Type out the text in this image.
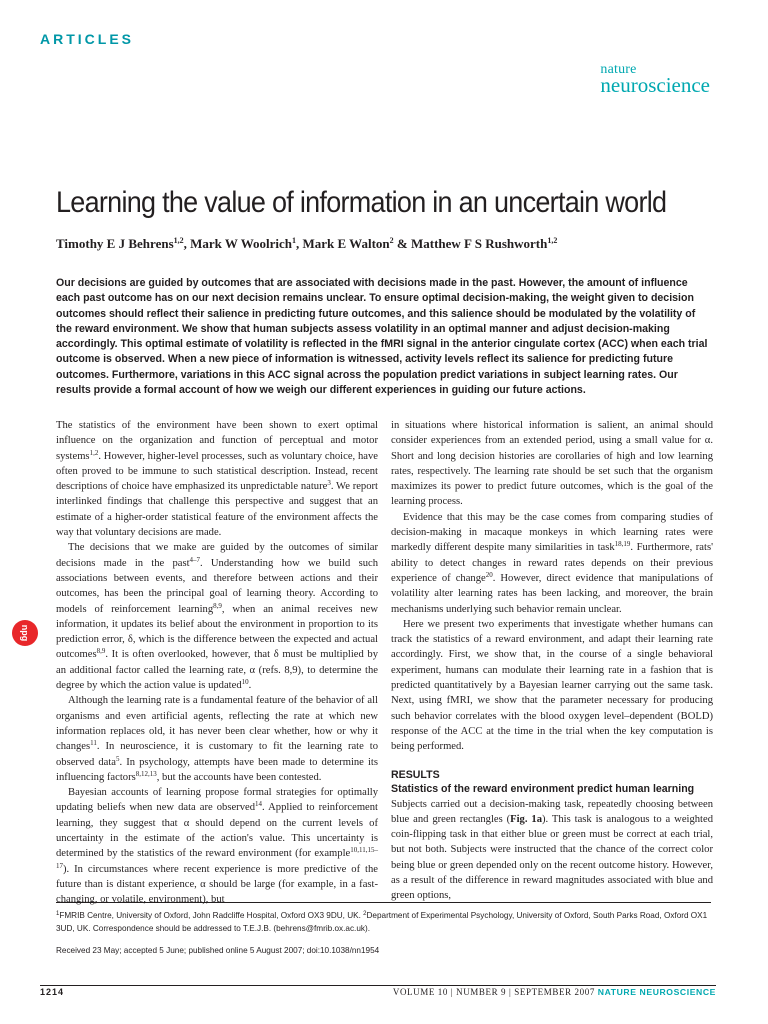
ARTICLES
nature
neuroscience
Learning the value of information in an uncertain world
Timothy E J Behrens$^{1,2}$, Mark W Woolrich$^1$, Mark E Walton$^2$ & Matthew F S Rushworth$^{1,2}$

Our decisions are guided by outcomes that are associated with decisions made in the past. However, the amount of influence each past outcome has on our next decision remains unclear. To ensure optimal decision-making, the weight given to decision outcomes should reflect their salience in predicting future outcomes, and this salience should be modulated by the volatility of the reward environment. We show that human subjects assess volatility in an optimal manner and adjust decision-making accordingly. This optimal estimate of volatility is reflected in the fMRI signal in the anterior cingulate cortex (ACC) when each trial outcome is observed. When a new piece of information is witnessed, activity levels reflect its salience for predicting future outcomes. Furthermore, variations in this ACC signal across the population predict variations in subject learning rates. Our results provide a formal account of how we weigh our different experiences in guiding our future actions.

The statistics of the environment have been shown to exert optimal influence on the organization and function of perceptual and motor systems$^{1,2}$. However, higher-level processes, such as voluntary choice, have often proved to be immune to such statistical description. Instead, recent descriptions of choice have emphasized its unpredictable nature$^3$. We report interlinked findings that challenge this perspective and suggest that an estimate of a higher-order statistical feature of the environment affects the way that voluntary decisions are made.

The decisions that we make are guided by the outcomes of similar decisions made in the past$^{4-7}$. Understanding how we build such associations between events, and therefore between actions and their outcomes, has been the principal goal of learning theory. According to models of reinforcement learning$^{8,9}$, when an animal receives new information, it updates its belief about the environment in proportion to its prediction error, δ, which is the difference between the expected and actual outcomes$^{8,9}$. It is often overlooked, however, that δ must be multiplied by an additional factor called the learning rate, α (refs. 8,9), to determine the degree by which the action value is updated$^{10}$.

Although the learning rate is a fundamental feature of the behavior of all organisms and even artificial agents, reflecting the rate at which new information replaces old, it has never been clear whether, how or why it changes$^{11}$. In neuroscience, it is customary to fit the learning rate to observed data$^5$. In psychology, attempts have been made to determine its influencing factors$^{8,12,13}$, but the accounts have been contested.

Bayesian accounts of learning propose formal strategies for optimally updating beliefs when new data are observed$^{14}$. Applied to reinforcement learning, they suggest that α should depend on the current levels of uncertainty in the estimate of the action's value. This uncertainty is determined by the statistics of the reward environment (for example$^{10,11,15-17}$). In circumstances where recent experience is more predictive of the future than is distant experience, α should be large (for example, in a fast-changing, or volatile, environment), but

in situations where historical information is salient, an animal should consider experiences from an extended period, using a small value for α. Short and long decision histories are corollaries of high and low learning rates, respectively. The learning rate should be set such that the organism maximizes its power to predict future outcomes, which is the goal of the learning process.

Evidence that this may be the case comes from comparing studies of decision-making in macaque monkeys in which learning rates were markedly different despite many similarities in task$^{18,19}$. Furthermore, rats' ability to detect changes in reward rates depends on their previous experience of change$^{20}$. However, direct evidence that manipulations of volatility alter learning rates has been lacking, and moreover, the brain mechanisms underlying such behavior remain unclear.

Here we present two experiments that investigate whether humans can track the statistics of a reward environment, and adapt their learning rate accordingly. First, we show that, in the course of a single behavioral experiment, humans can modulate their learning rate in a fashion that is predicted quantitatively by a Bayesian learner carrying out the same task. Next, using fMRI, we show that the parameter necessary for producing such behavior correlates with the blood oxygen level–dependent (BOLD) response of the ACC at the time in the trial when the key computation is being performed.

RESULTS
Statistics of the reward environment predict human learning

Subjects carried out a decision-making task, repeatedly choosing between blue and green rectangles (Fig. 1a). This task is analogous to a weighted coin-flipping task in that either blue or green must be correct at each trial, but not both. Subjects were instructed that the chance of the correct color being blue or green depended only on the recent outcome history. However, as a result of the difference in reward magnitudes associated with blue and green options,

npg

$^1$FMRIB Centre, University of Oxford, John Radcliffe Hospital, Oxford OX3 9DU, UK. $^2$Department of Experimental Psychology, University of Oxford, South Parks Road, Oxford OX1 3UD, UK. Correspondence should be addressed to T.E.J.B. (behrens@fmrib.ox.ac.uk).

Received 23 May; accepted 5 June; published online 5 August 2007; doi:10.1038/nn1954

1214	VOLUME 10 | NUMBER 9 | SEPTEMBER 2007 NATURE NEUROSCIENCE
